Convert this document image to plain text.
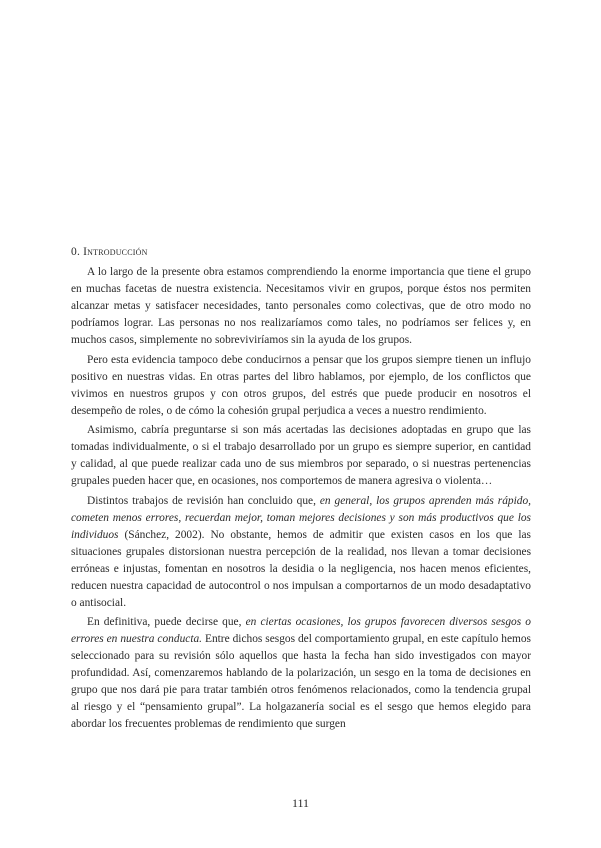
0. Introducción

A lo largo de la presente obra estamos comprendiendo la enorme importancia que tiene el grupo en muchas facetas de nuestra existencia. Necesitamos vivir en grupos, porque éstos nos permiten alcanzar metas y satisfacer necesidades, tanto personales como colectivas, que de otro modo no podríamos lograr. Las personas no nos realizaríamos como tales, no podríamos ser felices y, en muchos casos, simplemente no sobreviviríamos sin la ayuda de los grupos.

Pero esta evidencia tampoco debe conducirnos a pensar que los grupos siempre tienen un influjo positivo en nuestras vidas. En otras partes del libro hablamos, por ejemplo, de los conflictos que vivimos en nuestros grupos y con otros grupos, del estrés que puede producir en nosotros el desempeño de roles, o de cómo la cohesión grupal perjudica a veces a nuestro rendimiento.

Asimismo, cabría preguntarse si son más acertadas las decisiones adoptadas en grupo que las tomadas individualmente, o si el trabajo desarrollado por un grupo es siempre superior, en cantidad y calidad, al que puede realizar cada uno de sus miembros por separado, o si nuestras pertenencias grupales pueden hacer que, en ocasiones, nos comportemos de manera agresiva o violenta…

Distintos trabajos de revisión han concluido que, en general, los grupos aprenden más rápido, cometen menos errores, recuerdan mejor, toman mejores decisiones y son más productivos que los individuos (Sánchez, 2002). No obstante, hemos de admitir que existen casos en los que las situaciones grupales distorsionan nuestra percepción de la realidad, nos llevan a tomar decisiones erróneas e injustas, fomentan en nosotros la desidia o la negligencia, nos hacen menos eficientes, reducen nuestra capacidad de autocontrol o nos impulsan a comportarnos de un modo desadaptativo o antisocial.

En definitiva, puede decirse que, en ciertas ocasiones, los grupos favorecen diversos sesgos o errores en nuestra conducta. Entre dichos sesgos del comportamiento grupal, en este capítulo hemos seleccionado para su revisión sólo aquellos que hasta la fecha han sido investigados con mayor profundidad. Así, comenzaremos hablando de la polarización, un sesgo en la toma de decisiones en grupo que nos dará pie para tratar también otros fenómenos relacionados, como la tendencia grupal al riesgo y el “pensamiento grupal”. La holgazanería social es el sesgo que hemos elegido para abordar los frecuentes problemas de rendimiento que surgen

111
